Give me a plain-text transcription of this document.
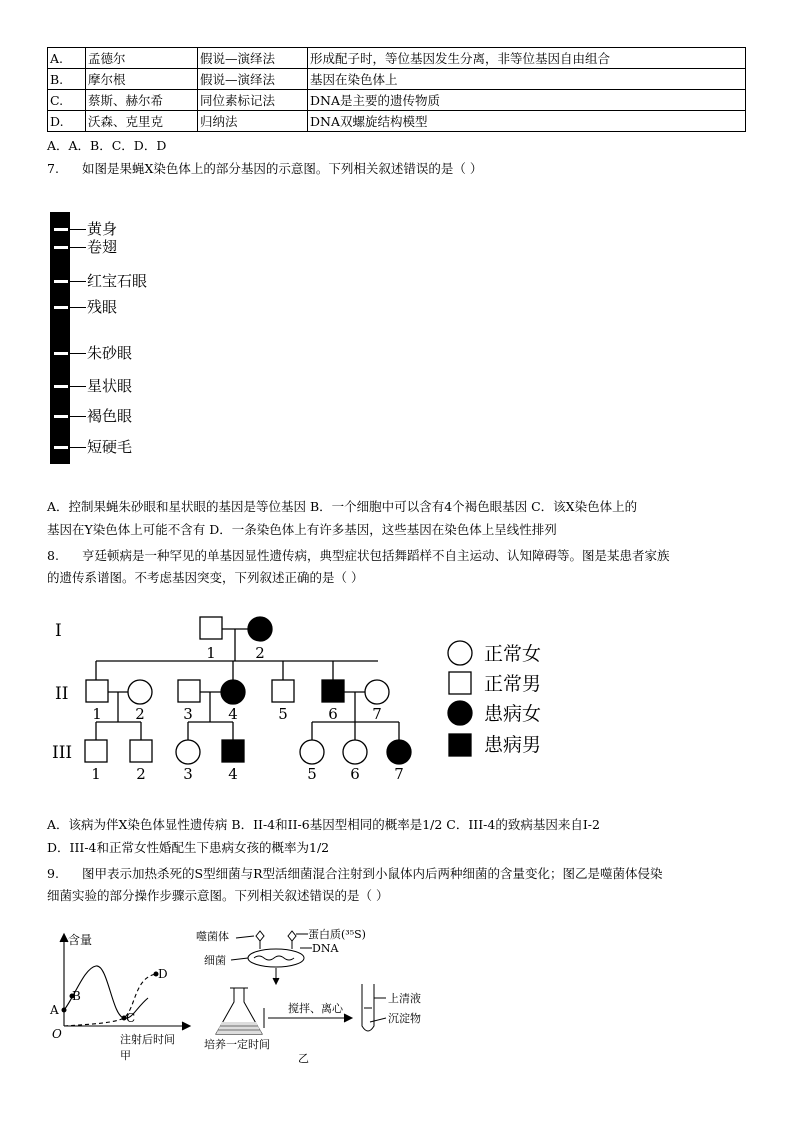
A.	孟德尔	假说—演绎法	形成配子时，等位基因发生分离，非等位基因自由组合
B.	摩尔根	假说—演绎法	基因在染色体上
C.	蔡斯、赫尔希	同位素标记法	DNA是主要的遗传物质
D.	沃森、克里克	归纳法	DNA双螺旋结构模型
A．A．B．C．D．D
7. 如图是果蝇X染色体上的部分基因的示意图。下列相关叙述错误的是（ ）
黄身
卷翅
红宝石眼
残眼
朱砂眼
星状眼
褐色眼
短硬毛
A．控制果蝇朱砂眼和星状眼的基因是等位基因 B．一个细胞中可以含有4个褐色眼基因 C．该X染色体上的
基因在Y染色体上可能不含有 D．一条染色体上有许多基因，这些基因在染色体上呈线性排列
8. 亨廷顿病是一种罕见的单基因显性遗传病，典型症状包括舞蹈样不自主运动、认知障碍等。图是某患者家族
的遗传系谱图。不考虑基因突变，下列叙述正确的是（ ）
I
II
III
1	2
1 2	3 4	5	6 7
1 2 3 4	5 6 7
正常女
正常男
患病女
患病男
A．该病为伴X染色体显性遗传病 B．II-4和II-6基因型相同的概率是1/2 C．III-4的致病基因来自I-2
D．III-4和正常女性婚配生下患病女孩的概率为1/2
9. 图甲表示加热杀死的S型细菌与R型活细菌混合注射到小鼠体内后两种细菌的含量变化；图乙是噬菌体侵染
细菌实验的部分操作步骤示意图。下列相关叙述错误的是（ ）
含量
O
A
B
C
D
注射后时间
甲
噬菌体	蛋白质(³⁵S)
DNA
细菌
培养一定时间
搅拌、离心
上清液
沉淀物
乙
